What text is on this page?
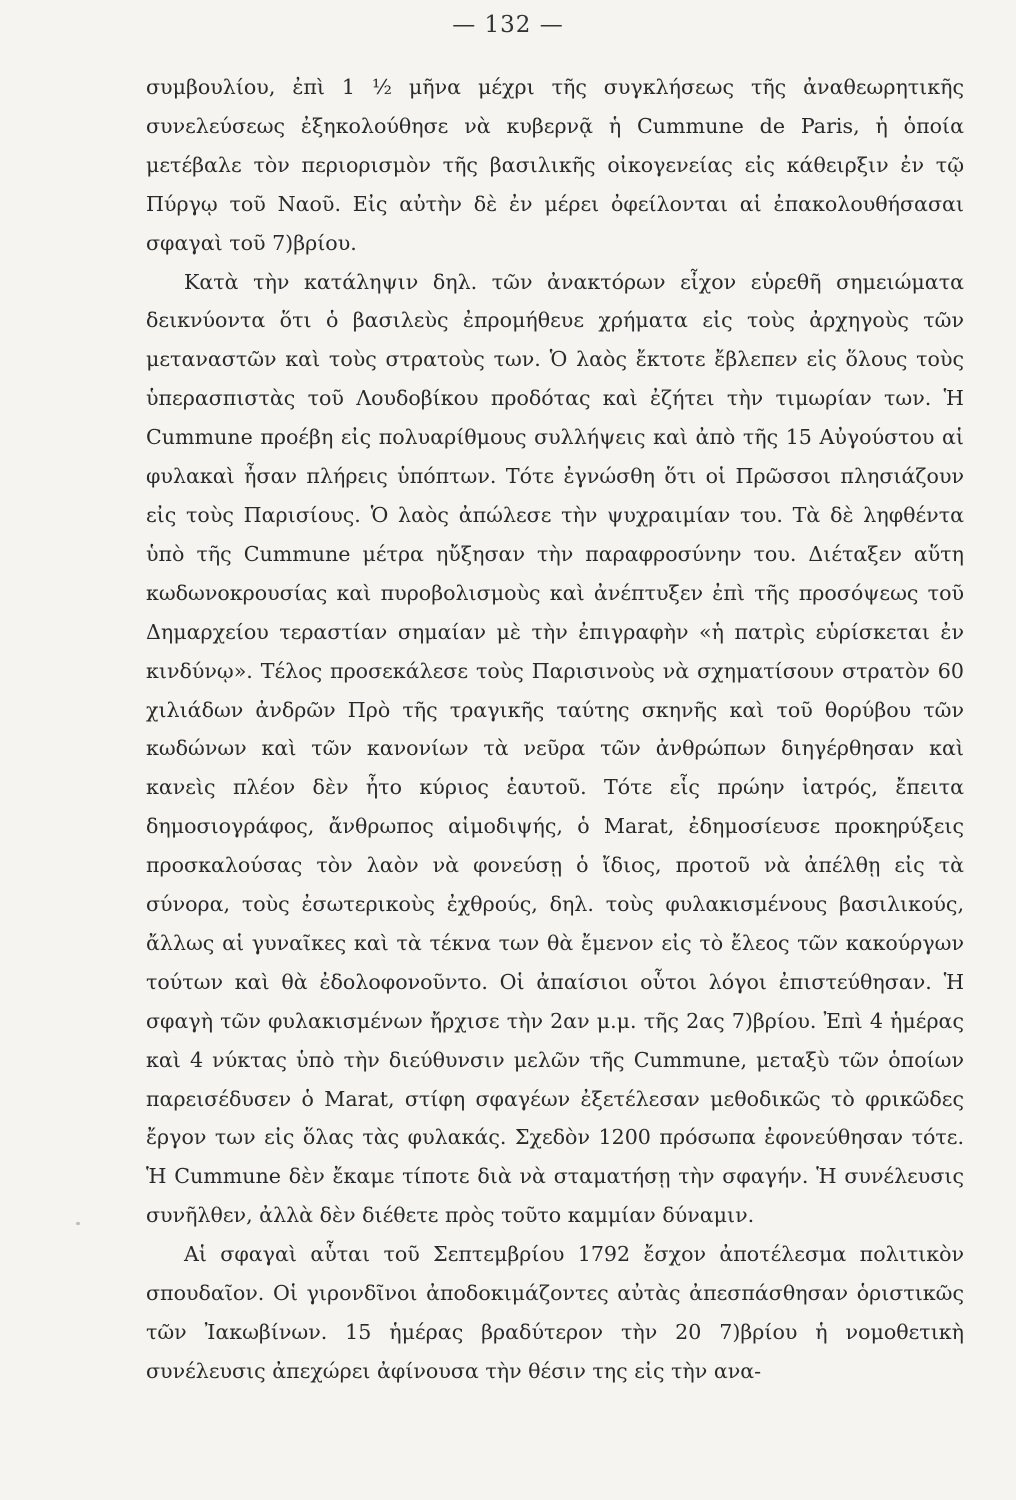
— 132 —

συμβουλίου, ἐπὶ 1 ½ μῆνα μέχρι τῆς συγκλήσεως τῆς ἀναθεωρητικῆς συνελεύσεως ἐξηκολούθησε νὰ κυβερνᾷ ἡ Cummune de Paris, ἡ ὁποία μετέβαλε τὸν περιορισμὸν τῆς βασιλικῆς οἰκογενείας εἰς κάθειρξιν ἐν τῷ Πύργῳ τοῦ Ναοῦ. Εἰς αὐτὴν δὲ ἐν μέρει ὀφείλονται αἱ ἐπακολουθήσασαι σφαγαὶ τοῦ 7)βρίου.

Κατὰ τὴν κατάληψιν δηλ. τῶν ἀνακτόρων εἶχον εὑρεθῆ σημειώματα δεικνύοντα ὅτι ὁ βασιλεὺς ἐπρομήθευε χρήματα εἰς τοὺς ἀρχηγοὺς τῶν μεταναστῶν καὶ τοὺς στρατοὺς των. Ὁ λαὸς ἔκτοτε ἔβλεπεν εἰς ὅλους τοὺς ὑπερασπιστὰς τοῦ Λουδοβίκου προδότας καὶ ἐζήτει τὴν τιμωρίαν των. Ἡ Cummune προέβη εἰς πολυαρίθμους συλλήψεις καὶ ἀπὸ τῆς 15 Αὐγούστου αἱ φυλακαὶ ἦσαν πλήρεις ὑπόπτων. Τότε ἐγνώσθη ὅτι οἱ Πρῶσσοι πλησιάζουν εἰς τοὺς Παρισίους. Ὁ λαὸς ἀπώλεσε τὴν ψυχραιμίαν του. Τὰ δὲ ληφθέντα ὑπὸ τῆς Cummune μέτρα ηὔξησαν τὴν παραφροσύνην του. Διέταξεν αὕτη κωδωνοκρουσίας καὶ πυροβολισμοὺς καὶ ἀνέπτυξεν ἐπὶ τῆς προσόψεως τοῦ Δημαρχείου τεραστίαν σημαίαν μὲ τὴν ἐπιγραφὴν «ἡ πατρὶς εὑρίσκεται ἐν κινδύνῳ». Τέλος προσεκάλεσε τοὺς Παρισινοὺς νὰ σχηματίσουν στρατὸν 60 χιλιάδων ἀνδρῶν Πρὸ τῆς τραγικῆς ταύτης σκηνῆς καὶ τοῦ θορύβου τῶν κωδώνων καὶ τῶν κανονίων τὰ νεῦρα τῶν ἀνθρώπων διηγέρθησαν καὶ κανεὶς πλέον δὲν ἦτο κύριος ἑαυτοῦ. Τότε εἷς πρώην ἰατρός, ἔπειτα δημοσιογράφος, ἄνθρωπος αἱμοδιψής, ὁ Marat, ἐδημοσίευσε προκηρύξεις προσκαλούσας τὸν λαὸν νὰ φονεύσῃ ὁ ἴδιος, προτοῦ νὰ ἀπέλθῃ εἰς τὰ σύνορα, τοὺς ἐσωτερικοὺς ἐχθρούς, δηλ. τοὺς φυλακισμένους βασιλικούς, ἄλλως αἱ γυναῖκες καὶ τὰ τέκνα των θὰ ἔμενον εἰς τὸ ἔλεος τῶν κακούργων τούτων καὶ θὰ ἐδολοφονοῦντο. Οἱ ἀπαίσιοι οὗτοι λόγοι ἐπιστεύθησαν. Ἡ σφαγὴ τῶν φυλακισμένων ἤρχισε τὴν 2αν μ.μ. τῆς 2ας 7)βρίου. Ἐπὶ 4 ἡμέρας καὶ 4 νύκτας ὑπὸ τὴν διεύθυνσιν μελῶν τῆς Cummune, μεταξὺ τῶν ὁποίων παρεισέδυσεν ὁ Marat, στίφη σφαγέων ἐξετέλεσαν μεθοδικῶς τὸ φρικῶδες ἔργον των εἰς ὅλας τὰς φυλακάς. Σχεδὸν 1200 πρόσωπα ἐφονεύθησαν τότε. Ἡ Cummune δὲν ἔκαμε τίποτε διὰ νὰ σταματήσῃ τὴν σφαγήν. Ἡ συνέλευσις συνῆλθεν, ἀλλὰ δὲν διέθετε πρὸς τοῦτο καμμίαν δύναμιν.

Αἱ σφαγαὶ αὗται τοῦ Σεπτεμβρίου 1792 ἔσχον ἀποτέλεσμα πολιτικὸν σπουδαῖον. Οἱ γιρονδῖνοι ἀποδοκιμάζοντες αὐτὰς ἀπεσπάσθησαν ὁριστικῶς τῶν Ἰακωβίνων. 15 ἡμέρας βραδύτερον τὴν 20 7)βρίου ἡ νομοθετικὴ συνέλευσις ἀπεχώρει ἀφίνουσα τὴν θέσιν της εἰς τὴν ανα-
